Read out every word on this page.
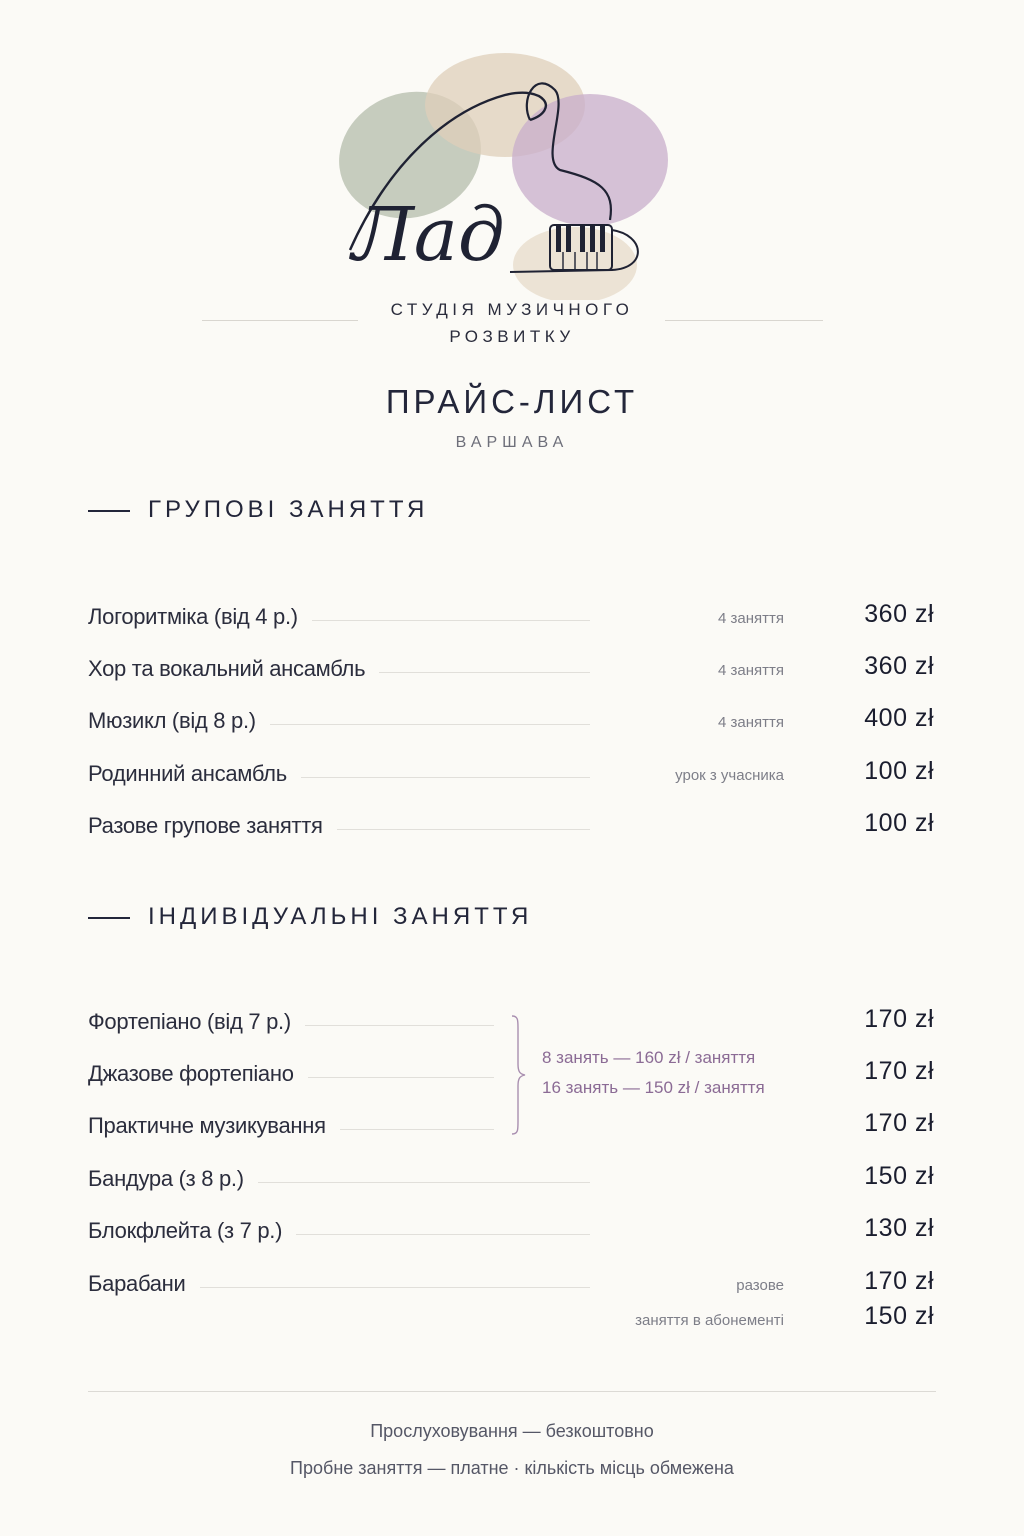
Лад
СТУДІЯ МУЗИЧНОГО
РОЗВИТКУ
ПРАЙС-ЛИСТ
ВАРШАВА
ГРУПОВІ ЗАНЯТТЯ
Логоритміка (від 4 р.)	4 заняття	360 zł
Хор та вокальний ансамбль	4 заняття	360 zł
Мюзикл (від 8 р.)	4 заняття	400 zł
Родинний ансамбль	урок з учасника	100 zł
Разове групове заняття	100 zł
ІНДИВІДУАЛЬНІ ЗАНЯТТЯ
Фортепіано (від 7 р.)	170 zł
Джазове фортепіано	170 zł
Практичне музикування	170 zł
8 занять — 160 zł / заняття
16 занять — 150 zł / заняття
Бандура (з 8 р.)	150 zł
Блокфлейта (з 7 р.)	130 zł
Барабани	разове	170 zł
заняття в абонементі	150 zł
Прослуховування — безкоштовно
Пробне заняття — платне · кількість місць обмежена
